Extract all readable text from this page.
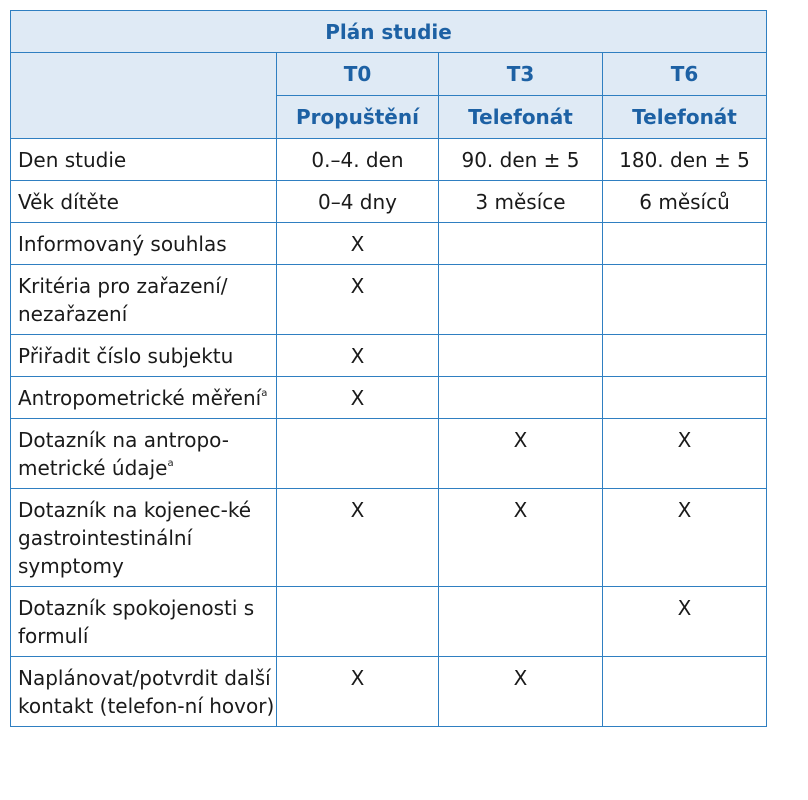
Plán studie			
	T0	T3	T6
	Propuštění	Telefonát	Telefonát
Den studie	0.–4. den	90. den ± 5	180. den ± 5
Věk dítěte	0–4 dny	3 měsíce	6 měsíců
Informovaný souhlas	X		
Kritéria pro zařazení/ nezařazení	X		
Přiřadit číslo subjektu	X		
Antropometrické měření$^a$	X		
Dotazník na antropo-metrické údaje$^a$		X	X
Dotazník na kojenec-ké gastrointestinální symptomy	X	X	X
Dotazník spokojenosti s formulí			X
Naplánovat/potvrdit další kontakt (telefon-ní hovor)	X	X	
